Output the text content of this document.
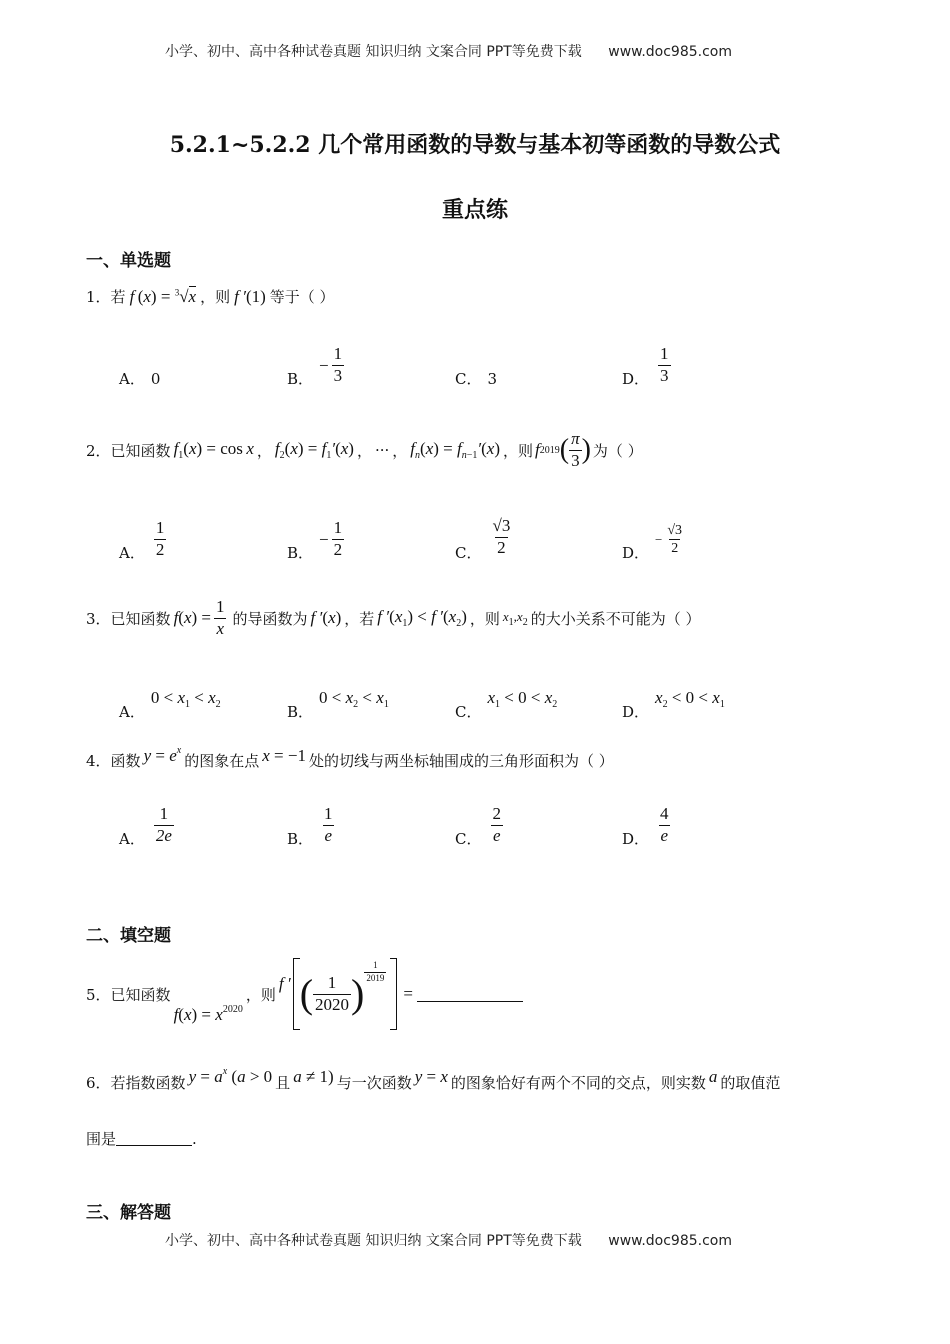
小学、初中、高中各种试卷真题 知识归纳 文案合同 PPT等免费下载 www.doc985.com
5.2.1~5.2.2 几个常用函数的导数与基本初等函数的导数公式
重点练
一、单选题
1． 若 f (x) = $^3$√x ，则 f ′(1) 等于（ ）
A． 0	B．
− $\frac{1}{3}$	C． 3	D． $\frac{1}{3}$
2． 已知函数 $f_1(x) = \cos x$ ， $f_2(x) = f_1'(x)$ ， ··· ， $f_n(x) = f_{n-1}'(x)$ ，则 f 2019 ( $\frac{\pi}{3}$ ) 为（ ）
A． $\frac{1}{2}$	B．
− $\frac{1}{2}$	C． $\frac{√3}{2}$	D．
− $\frac{√3}{2}$
3． 已知函数 f ( x ) = $\frac{1}{x}$ 的导函数为 f ′(x) ，若 f $'(x_1) < f$ $'(x_2)$ ，则 $x_1,x_2$ 的大小关系不可能为（ ）
A．
$0 < x_1 < x_2$	B．
$0 < x_2 < x_1$	C．
$x_1 < 0 < x_2$	D．
$x_2 < 0 < x_1$
4． 函数 $y = e^x$
的图象在点 x = −1 处的切线与两坐标轴围成的三角形面积为（ ）
A． $\frac{1}{2e}$	B． $\frac{1}{e}$	C． $\frac{2}{e}$	D． $\frac{4}{e}$
二、填空题
5． 已知函数
$f(x) = x^{2020}$
，则
f ′ ( $\frac{1}{2020}$ ) $\frac{1}{2019}$
=
6． 若指数函数 $y = a^x$ (a > 0 且 a ≠ 1) 与一次函数 y = x 的图象恰好有两个不同的交点，则实数 a 的取值范
围是	.
三、解答题
小学、初中、高中各种试卷真题 知识归纳 文案合同 PPT等免费下载 www.doc985.com
